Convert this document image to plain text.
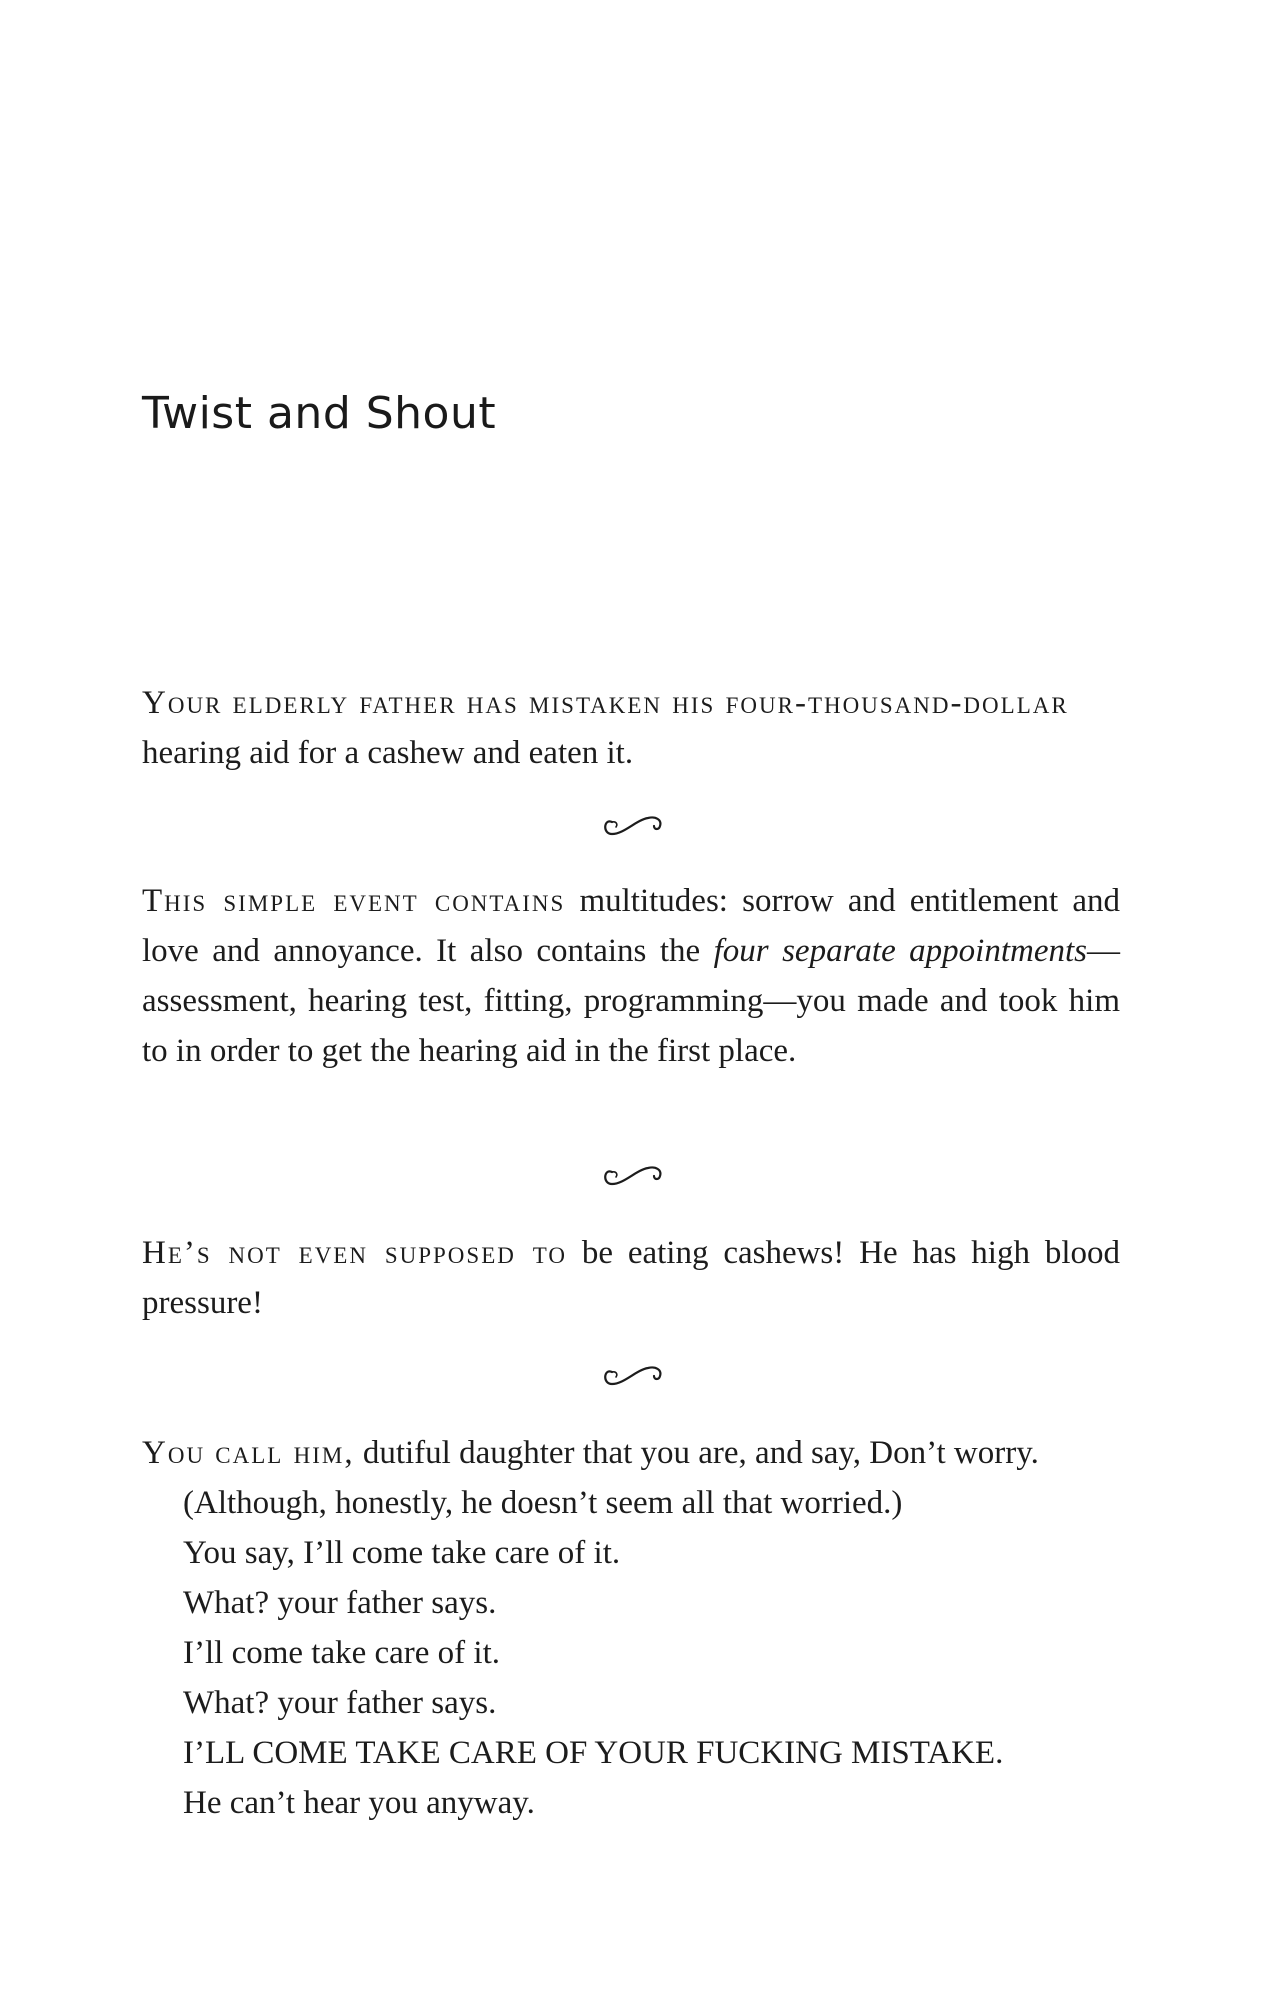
Twist and Shout

Your elderly father has mistaken his four-thousand-dollar
hearing aid for a cashew and eaten it.

This simple event contains multitudes: sorrow and entitlement and love and annoyance. It also contains the four separate appointments—assessment, hearing test, fitting, programming—you made and took him to in order to get the hearing aid in the first place.

He’s not even supposed to be eating cashews! He has high blood pressure!

You call him, dutiful daughter that you are, and say, Don’t worry.

(Although, honestly, he doesn’t seem all that worried.)

You say, I’ll come take care of it.

What? your father says.

I’ll come take care of it.

What? your father says.

I’LL COME TAKE CARE OF YOUR FUCKING MISTAKE.

He can’t hear you anyway.
